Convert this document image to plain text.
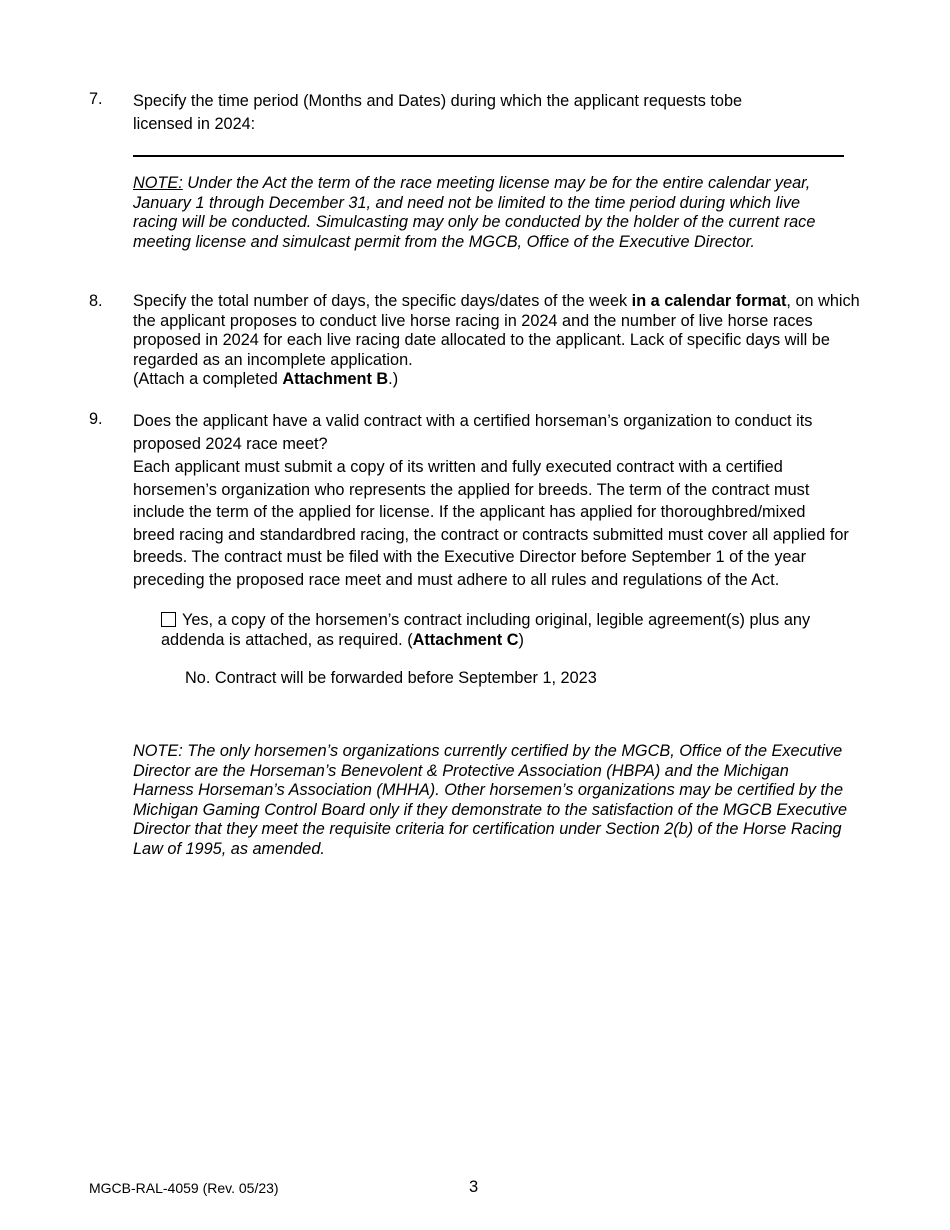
7. Specify the time period (Months and Dates) during which the applicant requests tobe
licensed in 2024:
NOTE: Under the Act the term of the race meeting license may be for the entire calendar year, January 1 through December 31, and need not be limited to the time period during which live racing will be conducted. Simulcasting may only be conducted by the holder of the current race meeting license and simulcast permit from the MGCB, Office of the Executive Director.
8. Specify the total number of days, the specific days/dates of the week in a calendar format, on which the applicant proposes to conduct live horse racing in 2024 and the number of live horse races proposed in 2024 for each live racing date allocated to the applicant. Lack of specific days will be regarded as an incomplete application.
(Attach a completed Attachment B.)
9. Does the applicant have a valid contract with a certified horseman’s organization to conduct its proposed 2024 race meet?
Each applicant must submit a copy of its written and fully executed contract with a certified horsemen’s organization who represents the applied for breeds. The term of the contract must include the term of the applied for license. If the applicant has applied for thoroughbred/mixed breed racing and standardbred racing, the contract or contracts submitted must cover all applied for breeds. The contract must be filed with the Executive Director before September 1 of the year preceding the proposed race meet and must adhere to all rules and regulations of the Act.
Yes, a copy of the horsemen’s contract including original, legible agreement(s) plus any addenda is attached, as required. (Attachment C)
No. Contract will be forwarded before September 1, 2023
NOTE: The only horsemen’s organizations currently certified by the MGCB, Office of the Executive Director are the Horseman’s Benevolent & Protective Association (HBPA) and the Michigan Harness Horseman’s Association (MHHA). Other horsemen’s organizations may be certified by the Michigan Gaming Control Board only if they demonstrate to the satisfaction of the MGCB Executive Director that they meet the requisite criteria for certification under Section 2(b) of the Horse Racing Law of 1995, as amended.
MGCB-RAL-4059 (Rev. 05/23)	3
